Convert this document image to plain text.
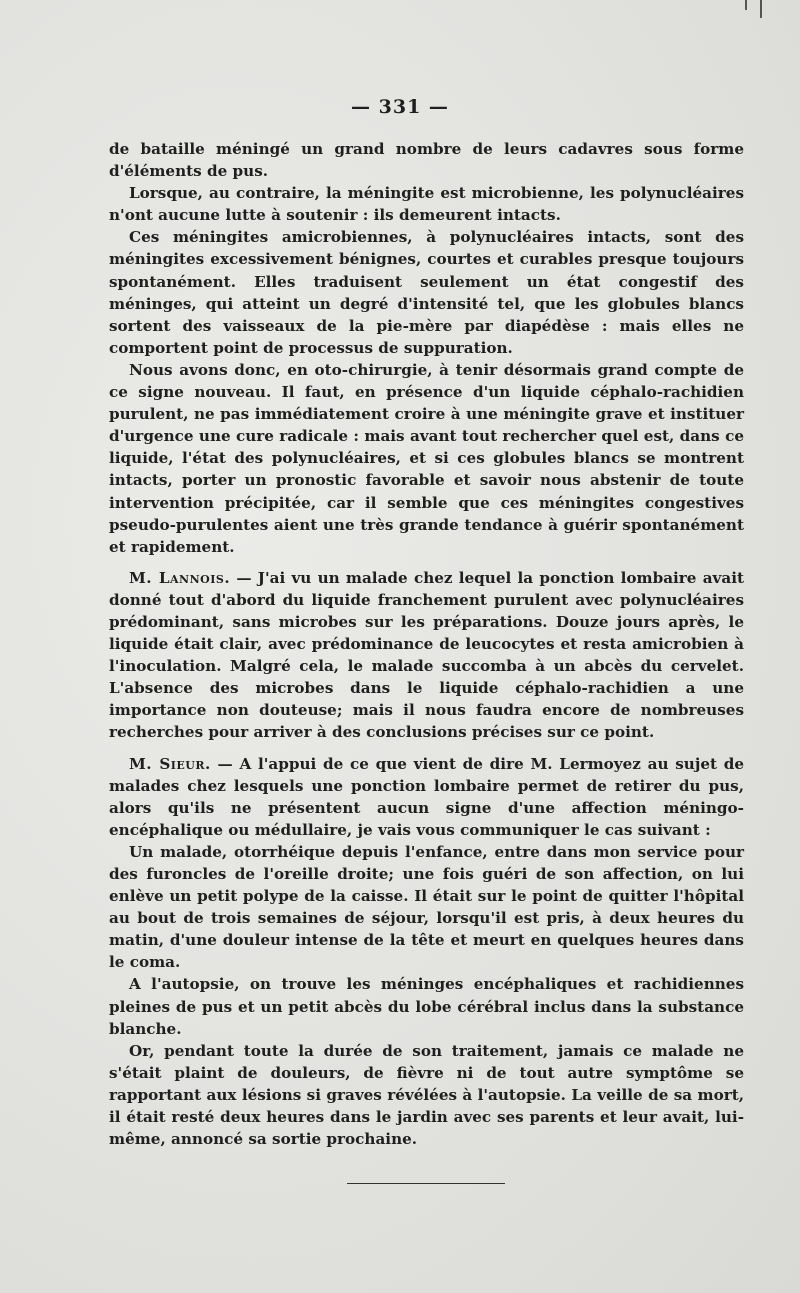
— 331 —

de bataille méningé un grand nombre de leurs cadavres sous forme d'éléments de pus.

Lorsque, au contraire, la méningite est microbienne, les polynucléaires n'ont aucune lutte à soutenir : ils demeurent intacts.

Ces méningites amicrobiennes, à polynucléaires intacts, sont des méningites excessivement bénignes, courtes et curables presque toujours spontanément. Elles traduisent seulement un état congestif des méninges, qui atteint un degré d'intensité tel, que les globules blancs sortent des vaisseaux de la pie-mère par diapédèse : mais elles ne comportent point de processus de suppuration.

Nous avons donc, en oto-chirurgie, à tenir désormais grand compte de ce signe nouveau. Il faut, en présence d'un liquide céphalo-rachidien purulent, ne pas immédiatement croire à une méningite grave et instituer d'urgence une cure radicale : mais avant tout rechercher quel est, dans ce liquide, l'état des polynucléaires, et si ces globules blancs se montrent intacts, porter un pronostic favorable et savoir nous abstenir de toute intervention précipitée, car il semble que ces méningites congestives pseudo-purulentes aient une très grande tendance à guérir spontanément et rapidement.

M. Lannois. — J'ai vu un malade chez lequel la ponction lombaire avait donné tout d'abord du liquide franchement purulent avec polynucléaires prédominant, sans microbes sur les préparations. Douze jours après, le liquide était clair, avec prédominance de leucocytes et resta amicrobien à l'inoculation. Malgré cela, le malade succomba à un abcès du cervelet. L'absence des microbes dans le liquide céphalo-rachidien a une importance non douteuse; mais il nous faudra encore de nombreuses recherches pour arriver à des conclusions précises sur ce point.

M. Sieur. — A l'appui de ce que vient de dire M. Lermoyez au sujet de malades chez lesquels une ponction lombaire permet de retirer du pus, alors qu'ils ne présentent aucun signe d'une affection méningo-encéphalique ou médullaire, je vais vous communiquer le cas suivant :

Un malade, otorrhéique depuis l'enfance, entre dans mon service pour des furoncles de l'oreille droite; une fois guéri de son affection, on lui enlève un petit polype de la caisse. Il était sur le point de quitter l'hôpital au bout de trois semaines de séjour, lorsqu'il est pris, à deux heures du matin, d'une douleur intense de la tête et meurt en quelques heures dans le coma.

A l'autopsie, on trouve les méninges encéphaliques et rachidiennes pleines de pus et un petit abcès du lobe cérébral inclus dans la substance blanche.

Or, pendant toute la durée de son traitement, jamais ce malade ne s'était plaint de douleurs, de fièvre ni de tout autre symptôme se rapportant aux lésions si graves révélées à l'autopsie. La veille de sa mort, il était resté deux heures dans le jardin avec ses parents et leur avait, lui-même, annoncé sa sortie prochaine.
